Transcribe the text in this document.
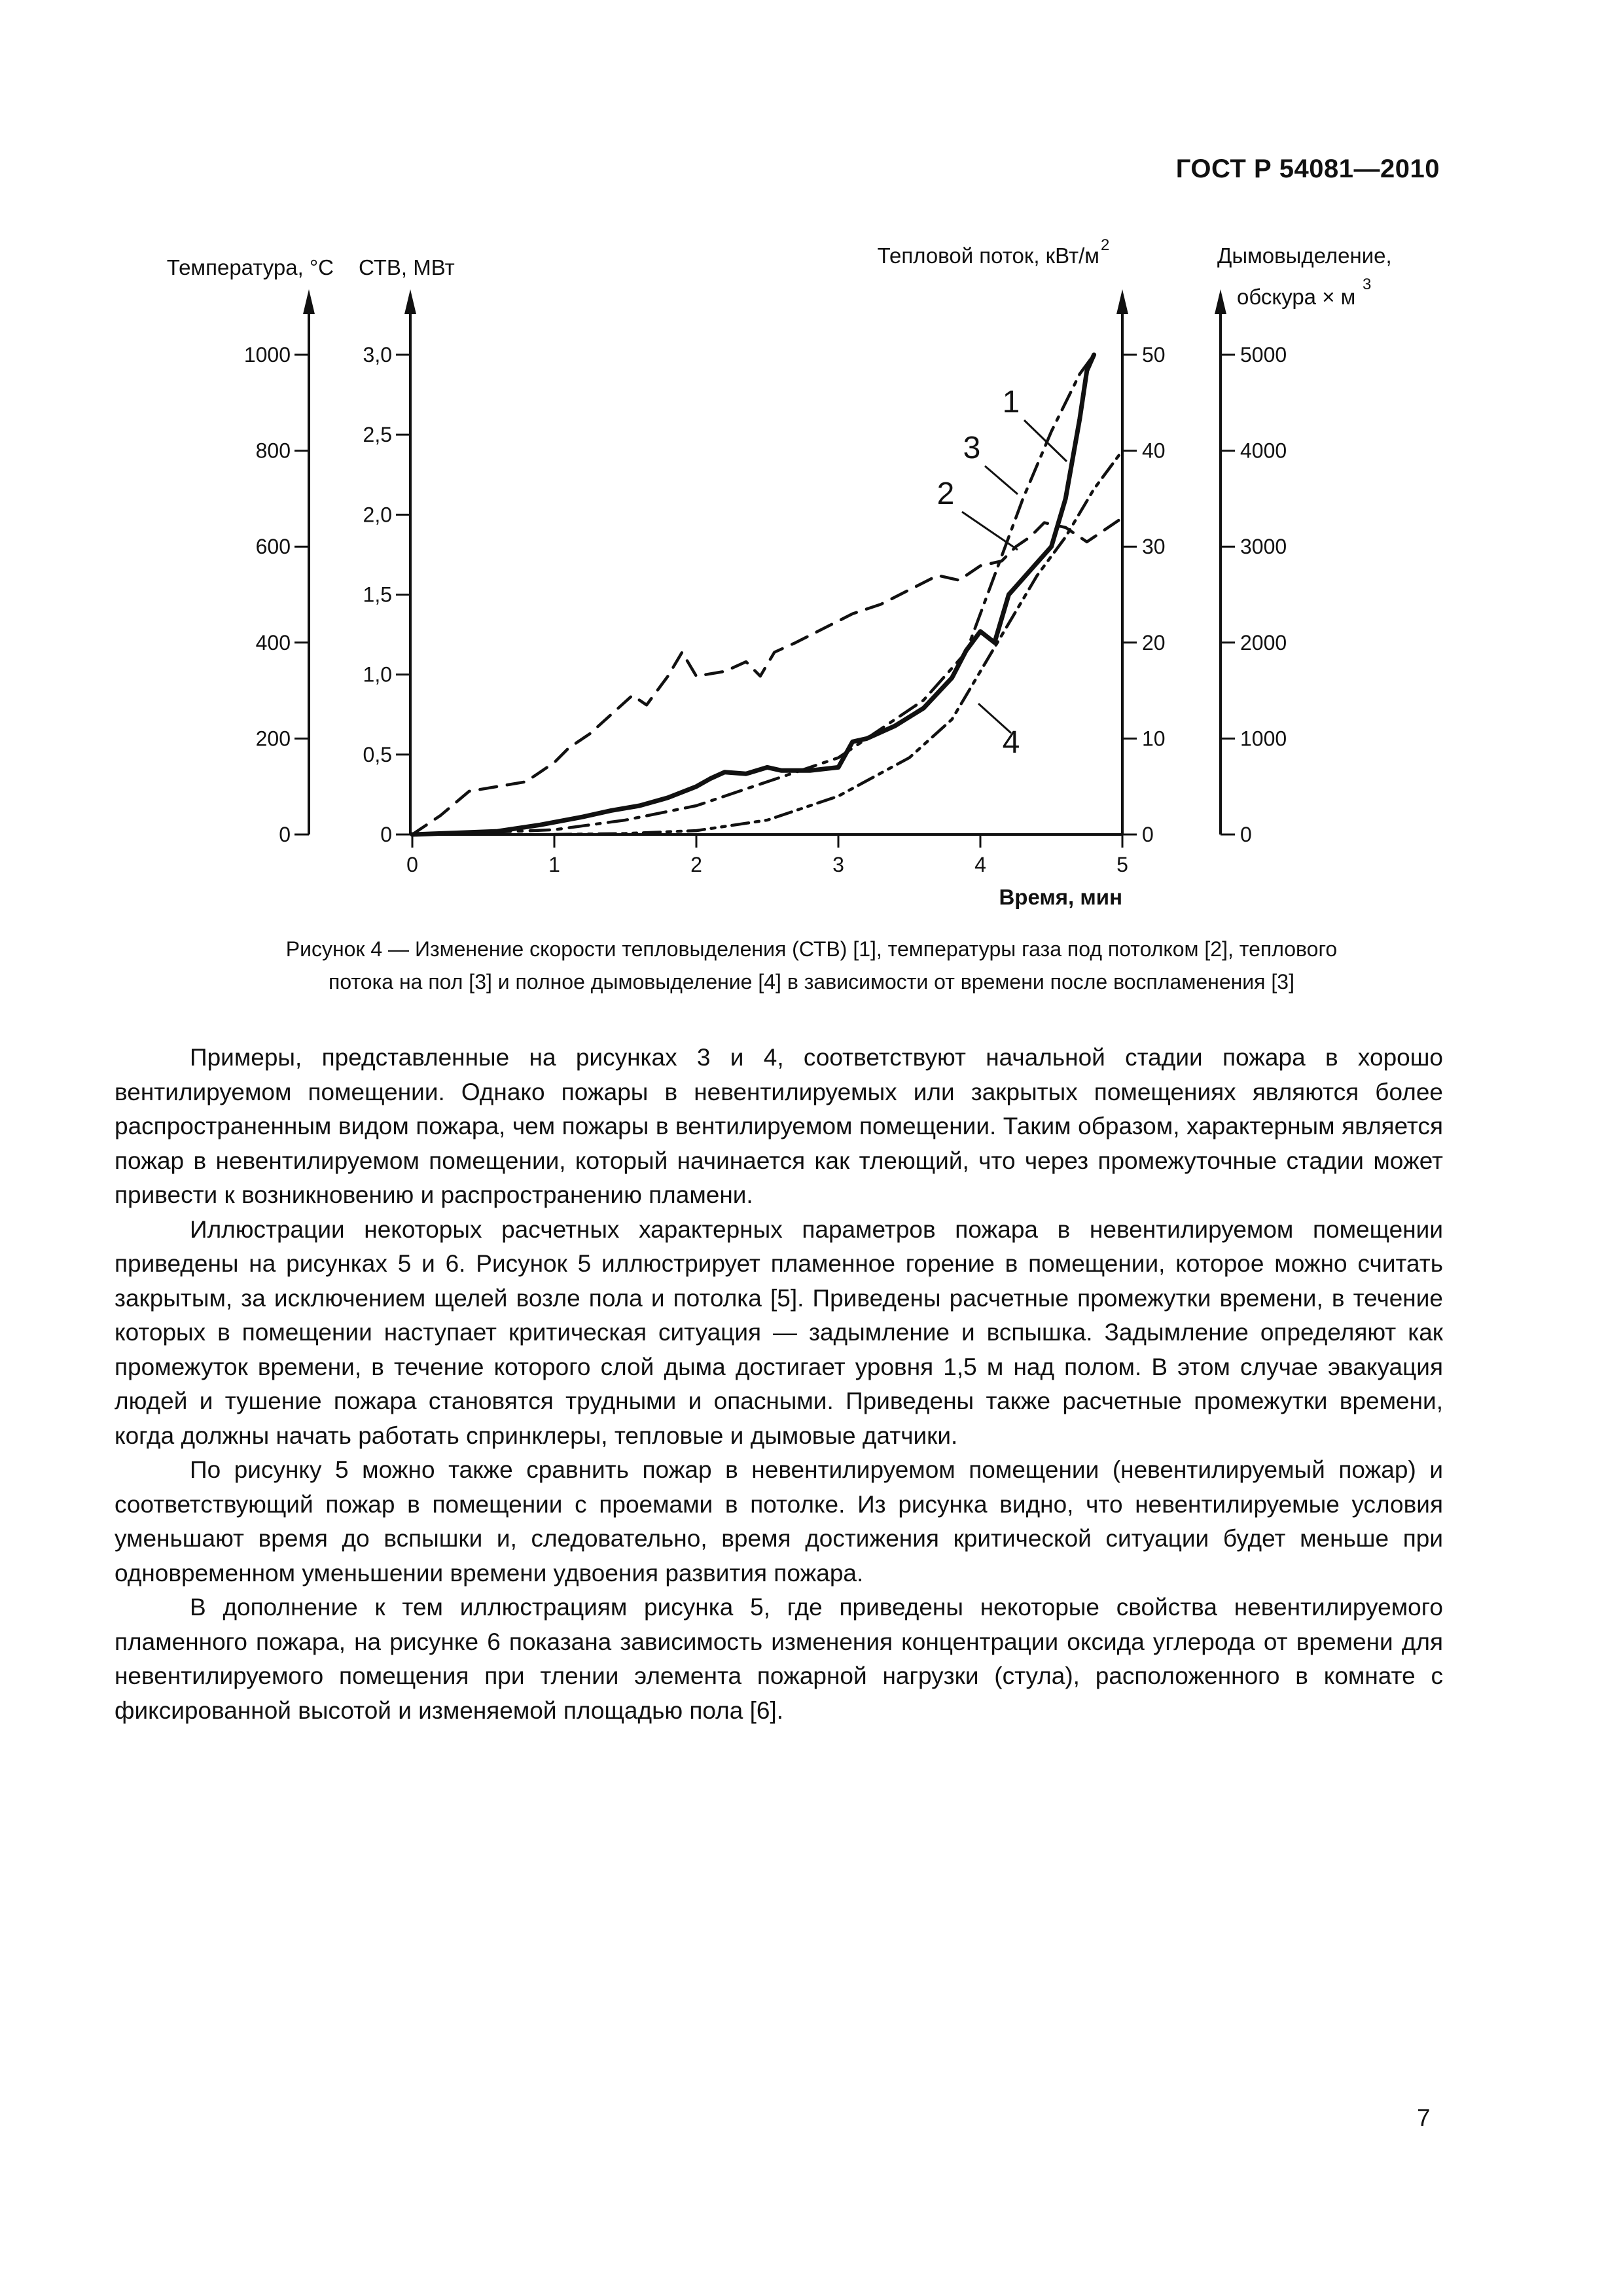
ГОСТ Р 54081—2010
0
200
400
600
800
1000
0
0,5
1,0
1,5
2,0
2,5
3,0
0
10
20
30
40
50
0
1000
2000
3000
4000
5000
Температура, °С СТВ, МВт	Тепловой поток, кВт/м 2	Дымовыделение,
обскура × м
3
0	1	2	3	4	5
Время, мин
1
2
3
4
Рисунок 4 — Изменение скорости тепловыделения (СТВ) [1], температуры газа под потолком [2], теплового
потока на пол [3] и полное дымовыделение [4] в зависимости от времени после воспламенения [3]

Примеры, представленные на рисунках 3 и 4, соответствуют начальной стадии пожара в хорошо вентилируемом помещении. Однако пожары в невентилируемых или закрытых помещениях являются более распространенным видом пожара, чем пожары в вентилируемом помещении. Таким образом, характерным является пожар в невентилируемом помещении, который начинается как тлеющий, что через промежуточные стадии может привести к возникновению и распространению пламени.

Иллюстрации некоторых расчетных характерных параметров пожара в невентилируемом помещении приведены на рисунках 5 и 6. Рисунок 5 иллюстрирует пламенное горение в помещении, которое можно считать закрытым, за исключением щелей возле пола и потолка [5]. Приведены расчетные промежутки времени, в течение которых в помещении наступает критическая ситуация — задымление и вспышка. Задымление определяют как промежуток времени, в течение которого слой дыма достигает уровня 1,5 м над полом. В этом случае эвакуация людей и тушение пожара становятся трудными и опасными. Приведены также расчетные промежутки времени, когда должны начать работать спринклеры, тепловые и дымовые датчики.

По рисунку 5 можно также сравнить пожар в невентилируемом помещении (невентилируемый пожар) и соответствующий пожар в помещении с проемами в потолке. Из рисунка видно, что невентилируемые условия уменьшают время до вспышки и, следовательно, время достижения критической ситуации будет меньше при одновременном уменьшении времени удвоения развития пожара.

В дополнение к тем иллюстрациям рисунка 5, где приведены некоторые свойства невентилируемого пламенного пожара, на рисунке 6 показана зависимость изменения концентрации оксида углерода от времени для невентилируемого помещения при тлении элемента пожарной нагрузки (стула), расположенного в комнате с фиксированной высотой и изменяемой площадью пола [6].

7
